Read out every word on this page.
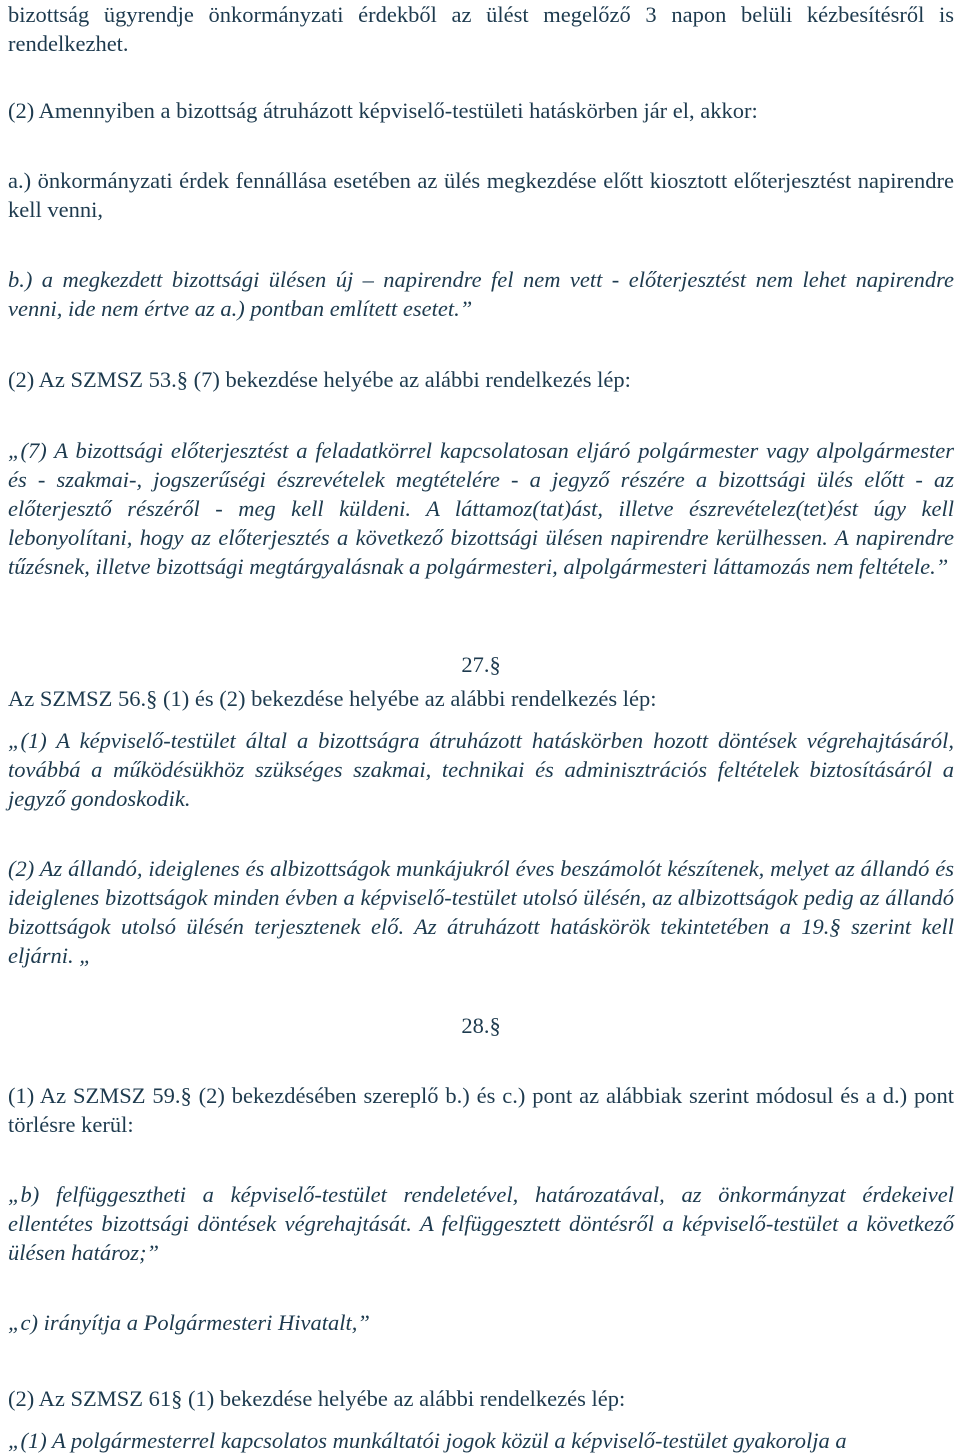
bizottság ügyrendje önkormányzati érdekből az ülést megelőző 3 napon belüli kézbesítésről is rendelkezhet.

(2) Amennyiben a bizottság átruházott képviselő-testületi hatáskörben jár el, akkor:

a.) önkormányzati érdek fennállása esetében az ülés megkezdése előtt kiosztott előterjesztést napirendre kell venni,

b.) a megkezdett bizottsági ülésen új – napirendre fel nem vett - előterjesztést nem lehet napirendre venni, ide nem értve az a.) pontban említett esetet.”

(2) Az SZMSZ 53.§ (7) bekezdése helyébe az alábbi rendelkezés lép:

„(7) A bizottsági előterjesztést a feladatkörrel kapcsolatosan eljáró polgármester vagy alpolgármester és - szakmai-, jogszerűségi észrevételek megtételére - a jegyző részére a bizottsági ülés előtt - az előterjesztő részéről - meg kell küldeni. A láttamoz(tat)ást, illetve észrevételez(tet)ést úgy kell lebonyolítani, hogy az előterjesztés a következő bizottsági ülésen napirendre kerülhessen. A napirendre tűzésnek, illetve bizottsági megtárgyalásnak a polgármesteri, alpolgármesteri láttamozás nem feltétele.”

27.§

Az SZMSZ 56.§ (1) és (2) bekezdése helyébe az alábbi rendelkezés lép:

„(1) A képviselő-testület által a bizottságra átruházott hatáskörben hozott döntések végrehajtásáról, továbbá a működésükhöz szükséges szakmai, technikai és adminisztrációs feltételek biztosításáról a jegyző gondoskodik.

(2) Az állandó, ideiglenes és albizottságok munkájukról éves beszámolót készítenek, melyet az állandó és ideiglenes bizottságok minden évben a képviselő-testület utolsó ülésén, az albizottságok pedig az állandó bizottságok utolsó ülésén terjesztenek elő. Az átruházott hatáskörök tekintetében a 19.§ szerint kell eljárni. „

28.§

(1) Az SZMSZ 59.§ (2) bekezdésében szereplő b.) és c.) pont az alábbiak szerint módosul és a d.) pont törlésre kerül:

„b) felfüggesztheti a képviselő-testület rendeletével, határozatával, az önkormányzat érdekeivel ellentétes bizottsági döntések végrehajtását. A felfüggesztett döntésről a képviselő-testület a következő ülésen határoz;”

„c) irányítja a Polgármesteri Hivatalt,”

(2) Az SZMSZ 61§ (1) bekezdése helyébe az alábbi rendelkezés lép:

„(1) A polgármesterrel kapcsolatos munkáltatói jogok közül a képviselő-testület gyakorolja a
